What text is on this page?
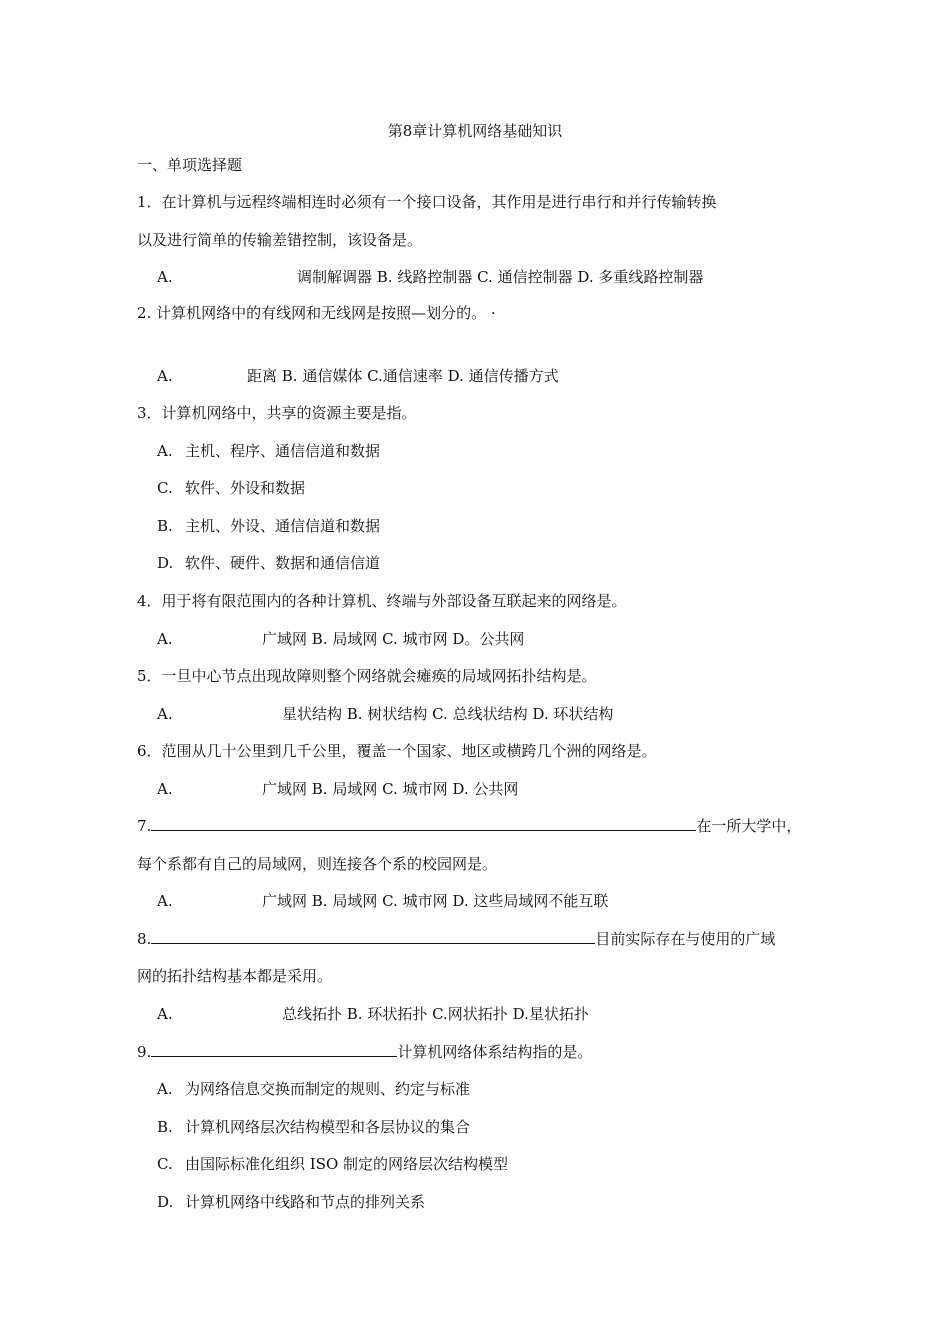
第8章计算机网络基础知识
一、单项选择题
1．在计算机与远程终端相连时必须有一个接口设备，其作用是进行串行和并行传输转换
以及进行简单的传输差错控制，该设备是。
A.	调制解调器 B. 线路控制器 C. 通信控制器 D. 多重线路控制器
2. 计算机网络中的有线网和无线网是按照—划分的。 ·
A.	距离 B. 通信媒体 C.通信速率 D. 通信传播方式
3．计算机网络中，共享的资源主要是指。
A. 主机、程序、通信信道和数据
C. 软件、外设和数据
B. 主机、外设、通信信道和数据
D. 软件、硬件、数据和通信信道
4．用于将有限范围内的各种计算机、终端与外部设备互联起来的网络是。
A.	广域网 B. 局域网 C. 城市网 D。公共网
5．一旦中心节点出现故障则整个网络就会瘫痪的局域网拓扑结构是。
A.	星状结构 B. 树状结构 C. 总线状结构 D. 环状结构
6．范围从几十公里到几千公里，覆盖一个国家、地区或横跨几个洲的网络是。
A.	广域网 B. 局域网 C. 城市网 D. 公共网
7.	在一所大学中，
每个系都有自己的局域网，则连接各个系的校园网是。
A.	广域网 B. 局域网 C. 城市网 D. 这些局域网不能互联
8.	目前实际存在与使用的广域
网的拓扑结构基本都是采用。
A.	总线拓扑 B. 环状拓扑 C.网状拓扑 D.星状拓扑
9.	计算机网络体系结构指的是。
A. 为网络信息交换而制定的规则、约定与标准
B. 计算机网络层次结构模型和各层协议的集合
C. 由国际标准化组织 ISO 制定的网络层次结构模型
D. 计算机网络中线路和节点的排列关系
